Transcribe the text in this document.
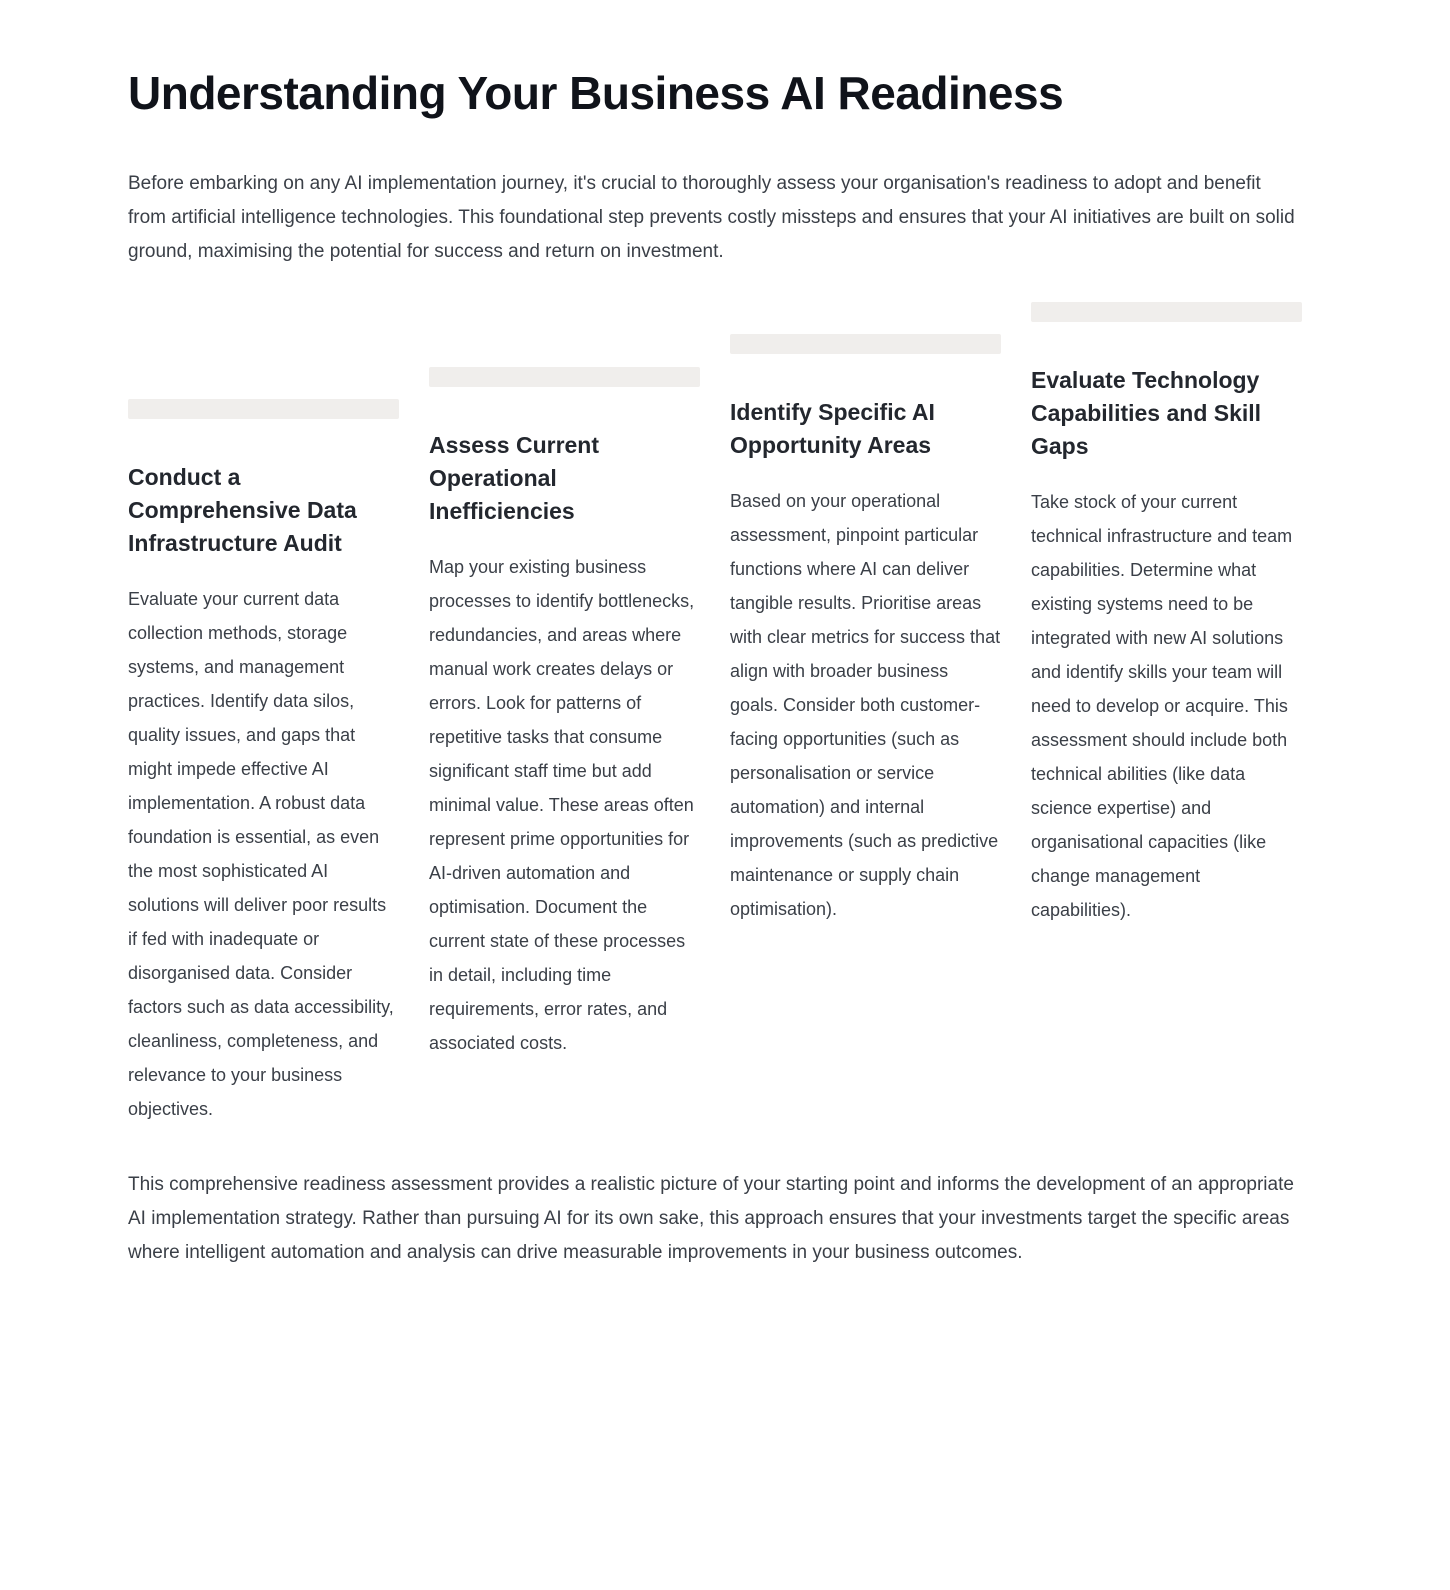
Understanding Your Business AI Readiness

Before embarking on any AI implementation journey, it's crucial to thoroughly assess your organisation's readiness to adopt and benefit from artificial intelligence technologies. This foundational step prevents costly missteps and ensures that your AI initiatives are built on solid ground, maximising the potential for success and return on investment.

Conduct a Comprehensive Data Infrastructure Audit

Evaluate your current data collection methods, storage systems, and management practices. Identify data silos, quality issues, and gaps that might impede effective AI implementation. A robust data foundation is essential, as even the most sophisticated AI solutions will deliver poor results if fed with inadequate or disorganised data. Consider factors such as data accessibility, cleanliness, completeness, and relevance to your business objectives.

Assess Current Operational Inefficiencies

Map your existing business processes to identify bottlenecks, redundancies, and areas where manual work creates delays or errors. Look for patterns of repetitive tasks that consume significant staff time but add minimal value. These areas often represent prime opportunities for AI-driven automation and optimisation. Document the current state of these processes in detail, including time requirements, error rates, and associated costs.

Identify Specific AI Opportunity Areas

Based on your operational assessment, pinpoint particular functions where AI can deliver tangible results. Prioritise areas with clear metrics for success that align with broader business goals. Consider both customer-facing opportunities (such as personalisation or service automation) and internal improvements (such as predictive maintenance or supply chain optimisation).

Evaluate Technology Capabilities and Skill Gaps

Take stock of your current technical infrastructure and team capabilities. Determine what existing systems need to be integrated with new AI solutions and identify skills your team will need to develop or acquire. This assessment should include both technical abilities (like data science expertise) and organisational capacities (like change management capabilities).

This comprehensive readiness assessment provides a realistic picture of your starting point and informs the development of an appropriate AI implementation strategy. Rather than pursuing AI for its own sake, this approach ensures that your investments target the specific areas where intelligent automation and analysis can drive measurable improvements in your business outcomes.
